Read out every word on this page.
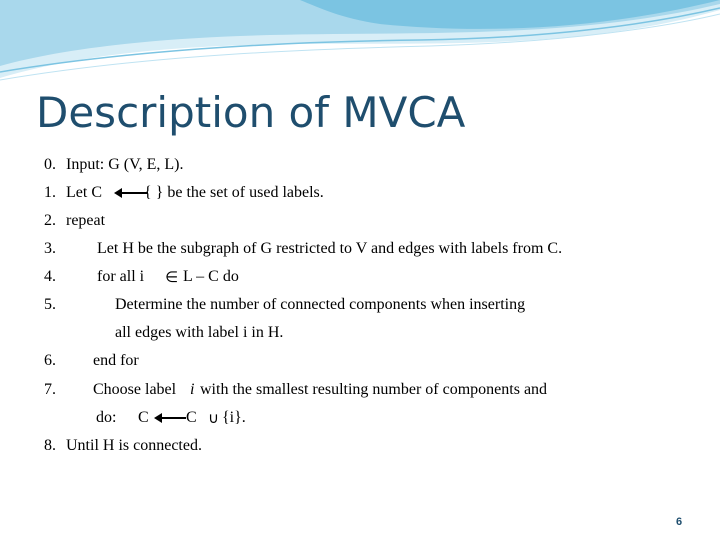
Description of MVCA
0. Input: G (V, E, L).
1. Let C	{ } be the set of used labels.
2. repeat
3.	Let H be the subgraph of G restricted to V and edges with labels from C.
4.	for all i ∈ L – C do
5.	Determine the number of connected components when inserting
all edges with label i in H.
6. end for
7. Choose label i with the smallest resulting number of components and
do: C C ∪ {i}.
8. Until H is connected.
6
